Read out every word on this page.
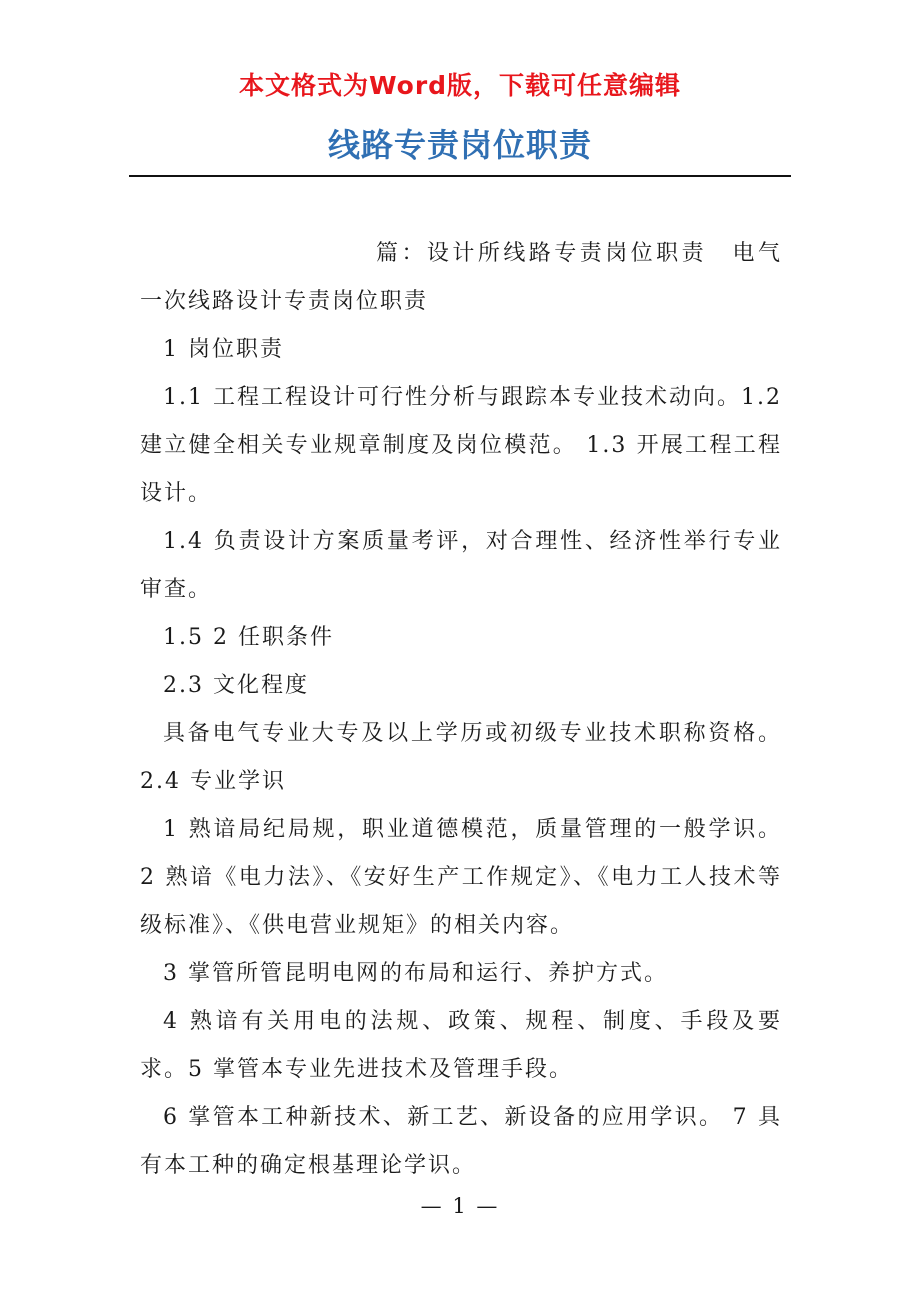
本文格式为Word版，下载可任意编辑
线路专责岗位职责

篇：设计所线路专责岗位职责　电气一次线路设计专责岗位职责

1 岗位职责

1.1 工程工程设计可行性分析与跟踪本专业技术动向。1.2 建立健全相关专业规章制度及岗位模范。 1.3 开展工程工程设计。

1.4 负责设计方案质量考评，对合理性、经济性举行专业审查。

1.5 2 任职条件

2.3 文化程度

具备电气专业大专及以上学历或初级专业技术职称资格。2.4 专业学识

1 熟谙局纪局规，职业道德模范，质量管理的一般学识。 2 熟谙《电力法》、《安好生产工作规定》、《电力工人技术等级标准》、《供电营业规矩》的相关内容。

3 掌管所管昆明电网的布局和运行、养护方式。

4 熟谙有关用电的法规、政策、规程、制度、手段及要求。5 掌管本专业先进技术及管理手段。

6 掌管本工种新技术、新工艺、新设备的应用学识。 7 具有本工种的确定根基理论学识。

— 1 —
